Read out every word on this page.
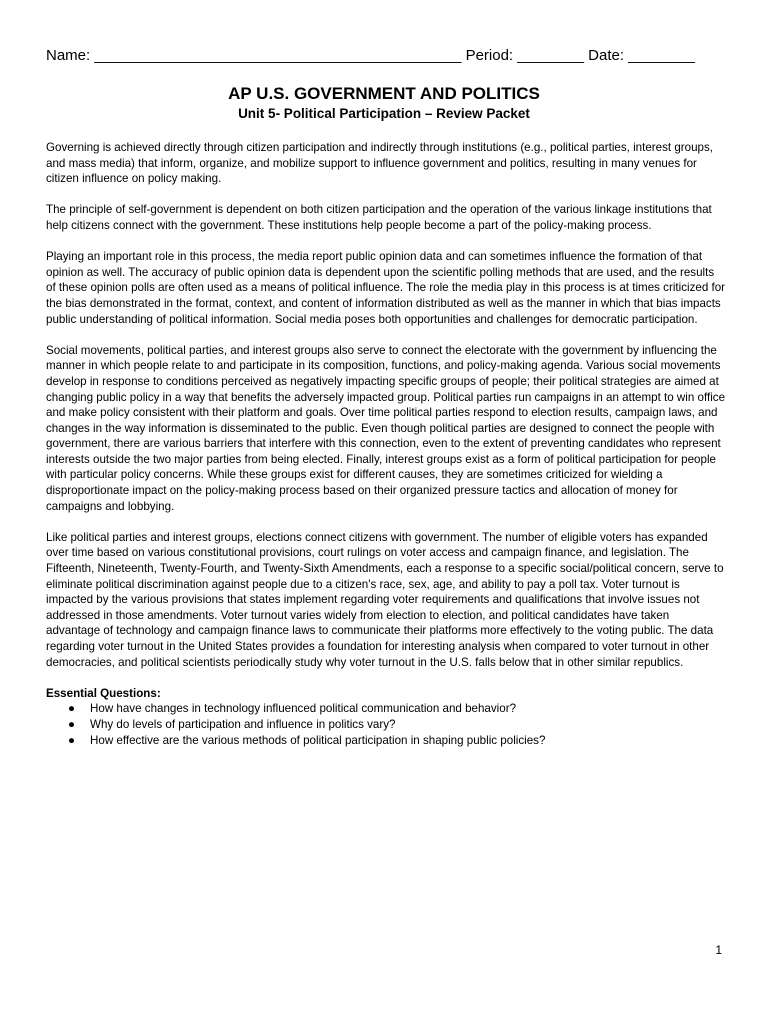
Name: ____________________________________________ Period: ________ Date: ________
AP U.S. GOVERNMENT AND POLITICS
Unit 5- Political Participation – Review Packet

Governing is achieved directly through citizen participation and indirectly through institutions (e.g., political parties, interest groups, and mass media) that inform, organize, and mobilize support to influence government and politics, resulting in many venues for citizen influence on policy making.

The principle of self-government is dependent on both citizen participation and the operation of the various linkage institutions that help citizens connect with the government. These institutions help people become a part of the policy-making process.

Playing an important role in this process, the media report public opinion data and can sometimes influence the formation of that opinion as well. The accuracy of public opinion data is dependent upon the scientific polling methods that are used, and the results of these opinion polls are often used as a means of political influence. The role the media play in this process is at times criticized for the bias demonstrated in the format, context, and content of information distributed as well as the manner in which that bias impacts public understanding of political information. Social media poses both opportunities and challenges for democratic participation.

Social movements, political parties, and interest groups also serve to connect the electorate with the government by influencing the manner in which people relate to and participate in its composition, functions, and policy-making agenda. Various social movements develop in response to conditions perceived as negatively impacting specific groups of people; their political strategies are aimed at changing public policy in a way that benefits the adversely impacted group. Political parties run campaigns in an attempt to win office and make policy consistent with their platform and goals. Over time political parties respond to election results, campaign laws, and changes in the way information is disseminated to the public. Even though political parties are designed to connect the people with government, there are various barriers that interfere with this connection, even to the extent of preventing candidates who represent interests outside the two major parties from being elected. Finally, interest groups exist as a form of political participation for people with particular policy concerns. While these groups exist for different causes, they are sometimes criticized for wielding a disproportionate impact on the policy-making process based on their organized pressure tactics and allocation of money for campaigns and lobbying.

Like political parties and interest groups, elections connect citizens with government. The number of eligible voters has expanded over time based on various constitutional provisions, court rulings on voter access and campaign finance, and legislation. The Fifteenth, Nineteenth, Twenty-Fourth, and Twenty-Sixth Amendments, each a response to a specific social/political concern, serve to eliminate political discrimination against people due to a citizen's race, sex, age, and ability to pay a poll tax. Voter turnout is impacted by the various provisions that states implement regarding voter requirements and qualifications that involve issues not addressed in those amendments. Voter turnout varies widely from election to election, and political candidates have taken advantage of technology and campaign finance laws to communicate their platforms more effectively to the voting public. The data regarding voter turnout in the United States provides a foundation for interesting analysis when compared to voter turnout in other democracies, and political scientists periodically study why voter turnout in the U.S. falls below that in other similar republics.

Essential Questions:
● How have changes in technology influenced political communication and behavior?
● Why do levels of participation and influence in politics vary?
● How effective are the various methods of political participation in shaping public policies?
1
